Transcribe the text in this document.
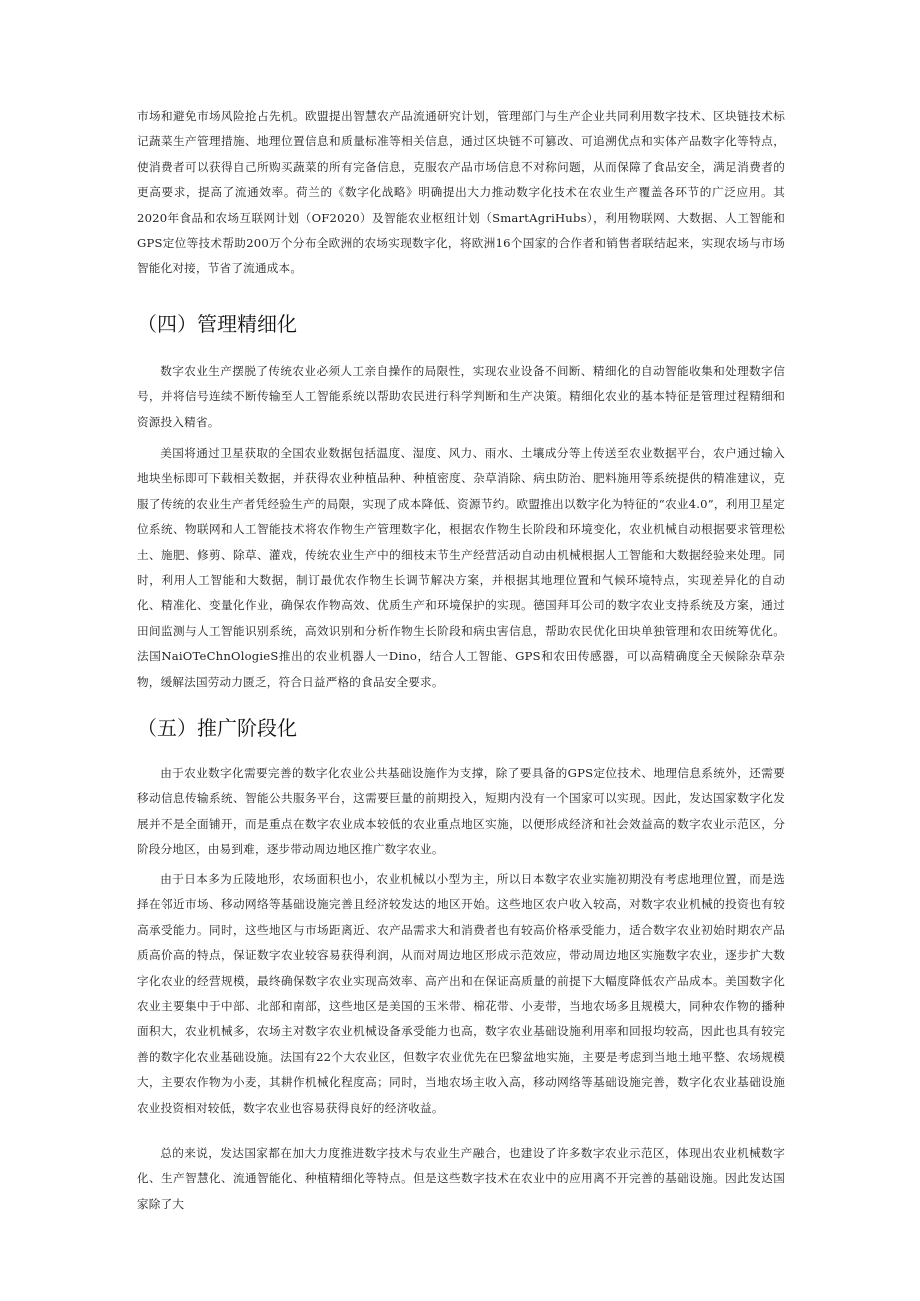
市场和避免市场风险抢占先机。欧盟提出智慧农产品流通研究计划，管理部门与生产企业共同利用数字技术、区块链技术标记蔬菜生产管理措施、地理位置信息和质量标准等相关信息，通过区块链不可篡改、可追溯优点和实体产品数字化等特点，使消费者可以获得自己所购买蔬菜的所有完备信息，克服农产品市场信息不对称问题，从而保障了食品安全，满足消费者的更高要求，提高了流通效率。荷兰的《数字化战略》明确提出大力推动数字化技术在农业生产覆盖各环节的广泛应用。其2020年食品和农场互联网计划（OF2020）及智能农业枢纽计划（SmartAgriHubs），利用物联网、大数据、人工智能和GPS定位等技术帮助200万个分布全欧洲的农场实现数字化，将欧洲16个国家的合作者和销售者联结起来，实现农场与市场智能化对接，节省了流通成本。

（四）管理精细化

数字农业生产摆脱了传统农业必须人工亲自操作的局限性，实现农业设备不间断、精细化的自动智能收集和处理数字信号，并将信号连续不断传输至人工智能系统以帮助农民进行科学判断和生产决策。精细化农业的基本特征是管理过程精细和资源投入精省。

美国将通过卫星获取的全国农业数据包括温度、湿度、风力、雨水、土壤成分等上传送至农业数据平台，农户通过输入地块坐标即可下载相关数据，并获得农业种植品种、种植密度、杂草消除、病虫防治、肥料施用等系统提供的精准建议，克服了传统的农业生产者凭经验生产的局限，实现了成本降低、资源节约。欧盟推出以数字化为特征的“农业4.0”，利用卫星定位系统、物联网和人工智能技术将农作物生产管理数字化，根据农作物生长阶段和环境变化，农业机械自动根据要求管理松土、施肥、修剪、除草、灌戏，传统农业生产中的细枝末节生产经营活动自动由机械根据人工智能和大数据经验来处理。同时，利用人工智能和大数据，制订最优农作物生长调节解决方案，并根据其地理位置和气候环境特点，实现差异化的自动化、精准化、变量化作业，确保农作物高效、优质生产和环境保护的实现。德国拜耳公司的数字农业支持系统及方案，通过田间监测与人工智能识别系统，高效识别和分析作物生长阶段和病虫害信息，帮助农民优化田块单独管理和农田统筹优化。法国NaiOTeChnOlogieS推出的农业机器人一Dino，结合人工智能、GPS和农田传感器，可以高精确度全天候除杂草杂物，缓解法国劳动力匮乏，符合日益严格的食品安全要求。

（五）推广阶段化

由于农业数字化需要完善的数字化农业公共基础设施作为支撑，除了要具备的GPS定位技术、地理信息系统外，还需要移动信息传输系统、智能公共服务平台，这需要巨量的前期投入，短期内没有一个国家可以实现。因此，发达国家数字化发展并不是全面铺开，而是重点在数字农业成本较低的农业重点地区实施，以便形成经济和社会效益高的数字农业示范区，分阶段分地区，由易到难，逐步带动周边地区推广数字农业。

由于日本多为丘陵地形，农场面积也小，农业机械以小型为主，所以日本数字农业实施初期没有考虑地理位置，而是选择在邻近市场、移动网络等基础设施完善且经济较发达的地区开始。这些地区农户收入较高，对数字农业机械的投资也有较高承受能力。同时，这些地区与市场距离近、农产品需求大和消费者也有较高价格承受能力，适合数字农业初始时期农产品质高价高的特点，保证数字农业较容易获得利润，从而对周边地区形成示范效应，带动周边地区实施数字农业，逐步扩大数字化农业的经营规模，最终确保数字农业实现高效率、高产出和在保证高质量的前提下大幅度降低农产品成本。美国数字化农业主要集中于中部、北部和南部，这些地区是美国的玉米带、棉花带、小麦带，当地农场多且规模大，同种农作物的播种面积大，农业机械多，农场主对数字农业机械设备承受能力也高，数字农业基础设施利用率和回报均较高，因此也具有较完善的数字化农业基础设施。法国有22个大农业区，但数字农业优先在巴黎盆地实施，主要是考虑到当地土地平整、农场规模大，主要农作物为小麦，其耕作机械化程度高；同时，当地农场主收入高，移动网络等基础设施完善，数字化农业基础设施农业投资相对较低，数字农业也容易获得良好的经济收益。

总的来说，发达国家都在加大力度推进数字技术与农业生产融合，也建设了许多数字农业示范区，体现出农业机械数字化、生产智慧化、流通智能化、种植精细化等特点。但是这些数字技术在农业中的应用离不开完善的基础设施。因此发达国家除了大
